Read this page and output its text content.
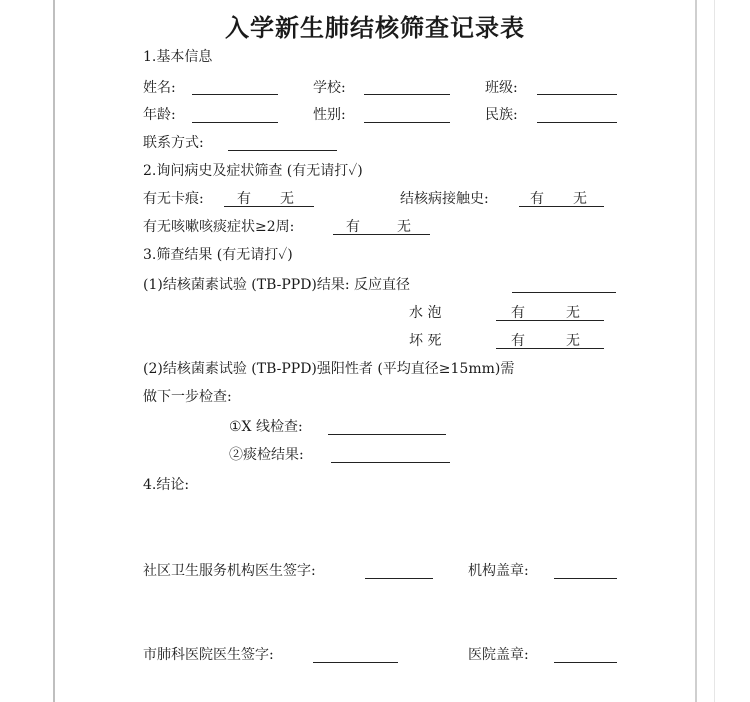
入学新生肺结核筛查记录表
1.基本信息
姓名:	学校:	班级:
年龄:	性别:	民族:
联系方式:
2.询问病史及症状筛查 (有无请打✓)
有无卡痕: 有 无	结核病接触史:	有 无
有无咳嗽咳痰症状≥2周:	有	无
3.筛查结果 (有无请打✓)
(1)结核菌素试验 (TB-PPD)结果: 反应直径
水 泡	有	无
坏 死	有	无
(2)结核菌素试验 (TB-PPD)强阳性者 (平均直径≥15mm)需
做下一步检查:
①X 线检查:
②痰检结果:
4.结论:
社区卫生服务机构医生签字:	机构盖章:
市肺科医院医生签字:	医院盖章:
